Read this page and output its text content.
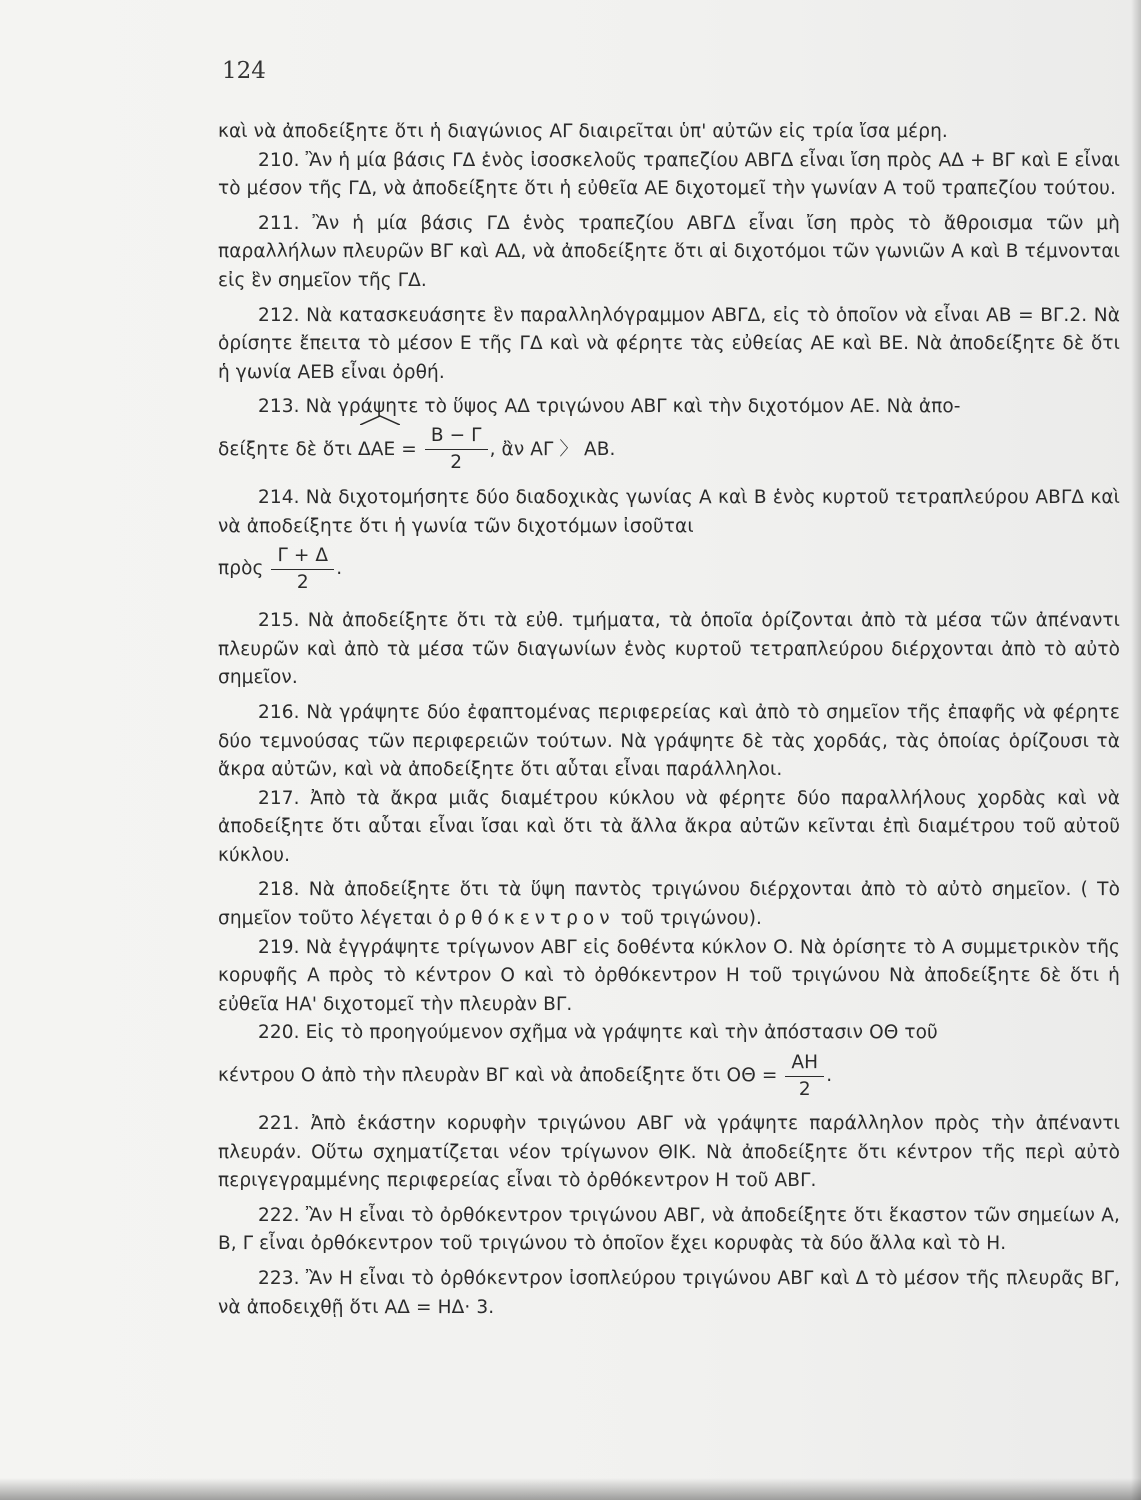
124

καὶ νὰ ἀποδείξητε ὅτι ἡ διαγώνιος ΑΓ διαιρεῖται ὑπ' αὐτῶν εἰς τρία ἴσα μέρη.

210. Ἂν ἡ μία βάσις ΓΔ ἑνὸς ἰσοσκελοῦς τραπεζίου ΑΒΓΔ εἶναι ἴση πρὸς ΑΔ + ΒΓ καὶ Ε εἶναι τὸ μέσον τῆς ΓΔ, νὰ ἀποδείξητε ὅτι ἡ εὐθεῖα ΑΕ διχοτομεῖ τὴν γωνίαν Α τοῦ τραπεζίου τούτου.

211. Ἂν ἡ μία βάσις ΓΔ ἑνὸς τραπεζίου ΑΒΓΔ εἶναι ἴση πρὸς τὸ ἄθροισμα τῶν μὴ παραλλήλων πλευρῶν ΒΓ καὶ ΑΔ, νὰ ἀποδείξητε ὅτι αἱ διχοτόμοι τῶν γωνιῶν Α καὶ Β τέμνονται εἰς ἓν σημεῖον τῆς ΓΔ.

212. Νὰ κατασκευάσητε ἓν παραλληλόγραμμον ΑΒΓΔ, εἰς τὸ ὁποῖον νὰ εἶναι ΑΒ = ΒΓ.2. Νὰ ὁρίσητε ἔπειτα τὸ μέσον Ε τῆς ΓΔ καὶ νὰ φέρητε τὰς εὐθείας ΑΕ καὶ ΒΕ. Νὰ ἀποδείξητε δὲ ὅτι ἡ γωνία ΑΕΒ εἶναι ὀρθή.

213. Νὰ γράψητε τὸ ὕψος ΑΔ τριγώνου ΑΒΓ καὶ τὴν διχοτόμον ΑΕ. Νὰ ἀπο-

δείξητε δὲ ὅτι $\Delta AE = \frac{B - \Gamma}{2}$ , ἂν ΑΓ 〉 ΑΒ.

214. Νὰ διχοτομήσητε δύο διαδοχικὰς γωνίας Α καὶ Β ἑνὸς κυρτοῦ τετραπλεύρου ΑΒΓΔ καὶ νὰ ἀποδείξητε ὅτι ἡ γωνία τῶν διχοτόμων ἰσοῦται

πρὸς $\frac{\Gamma + \Delta}{2}$ .

215. Νὰ ἀποδείξητε ὅτι τὰ εὐθ. τμήματα, τὰ ὁποῖα ὁρίζονται ἀπὸ τὰ μέσα τῶν ἀπέναντι πλευρῶν καὶ ἀπὸ τὰ μέσα τῶν διαγωνίων ἑνὸς κυρτοῦ τετραπλεύρου διέρχονται ἀπὸ τὸ αὐτὸ σημεῖον.

216. Νὰ γράψητε δύο ἐφαπτομένας περιφερείας καὶ ἀπὸ τὸ σημεῖον τῆς ἐπαφῆς νὰ φέρητε δύο τεμνούσας τῶν περιφερειῶν τούτων. Νὰ γράψητε δὲ τὰς χορδάς, τὰς ὁποίας ὁρίζουσι τὰ ἄκρα αὐτῶν, καὶ νὰ ἀποδείξητε ὅτι αὗται εἶναι παράλληλοι.

217. Ἀπὸ τὰ ἄκρα μιᾶς διαμέτρου κύκλου νὰ φέρητε δύο παραλλήλους χορδὰς καὶ νὰ ἀποδείξητε ὅτι αὗται εἶναι ἴσαι καὶ ὅτι τὰ ἄλλα ἄκρα αὐτῶν κεῖνται ἐπὶ διαμέτρου τοῦ αὐτοῦ κύκλου.

218. Νὰ ἀποδείξητε ὅτι τὰ ὕψη παντὸς τριγώνου διέρχονται ἀπὸ τὸ αὐτὸ σημεῖον. ( Τὸ σημεῖον τοῦτο λέγεται ὀρθόκεντρον τοῦ τριγώνου).

219. Νὰ ἐγγράψητε τρίγωνον ΑΒΓ εἰς δοθέντα κύκλον Ο. Νὰ ὁρίσητε τὸ Α συμμετρικὸν τῆς κορυφῆς Α πρὸς τὸ κέντρον Ο καὶ τὸ ὀρθόκεντρον Η τοῦ τριγώνου Νὰ ἀποδείξητε δὲ ὅτι ἡ εὐθεῖα ΗΑ' διχοτομεῖ τὴν πλευρὰν ΒΓ.

220. Εἰς τὸ προηγούμενον σχῆμα νὰ γράψητε καὶ τὴν ἀπόστασιν ΟΘ τοῦ

κέντρου Ο ἀπὸ τὴν πλευρὰν ΒΓ καὶ νὰ ἀποδείξητε ὅτι $O\Theta = \frac{AH}{2}$ .

221. Ἀπὸ ἑκάστην κορυφὴν τριγώνου ΑΒΓ νὰ γράψητε παράλληλον πρὸς τὴν ἀπέναντι πλευράν. Οὕτω σχηματίζεται νέον τρίγωνον ΘΙΚ. Νὰ ἀποδείξητε ὅτι κέντρον τῆς περὶ αὐτὸ περιγεγραμμένης περιφερείας εἶναι τὸ ὀρθόκεντρον Η τοῦ ΑΒΓ.

222. Ἂν Η εἶναι τὸ ὀρθόκεντρον τριγώνου ΑΒΓ, νὰ ἀποδείξητε ὅτι ἕκαστον τῶν σημείων Α, Β, Γ εἶναι ὀρθόκεντρον τοῦ τριγώνου τὸ ὁποῖον ἔχει κορυφὰς τὰ δύο ἄλλα καὶ τὸ Η.

223. Ἂν Η εἶναι τὸ ὀρθόκεντρον ἰσοπλεύρου τριγώνου ΑΒΓ καὶ Δ τὸ μέσον τῆς πλευρᾶς ΒΓ, νὰ ἀποδειχθῇ ὅτι ΑΔ = ΗΔ· 3.
